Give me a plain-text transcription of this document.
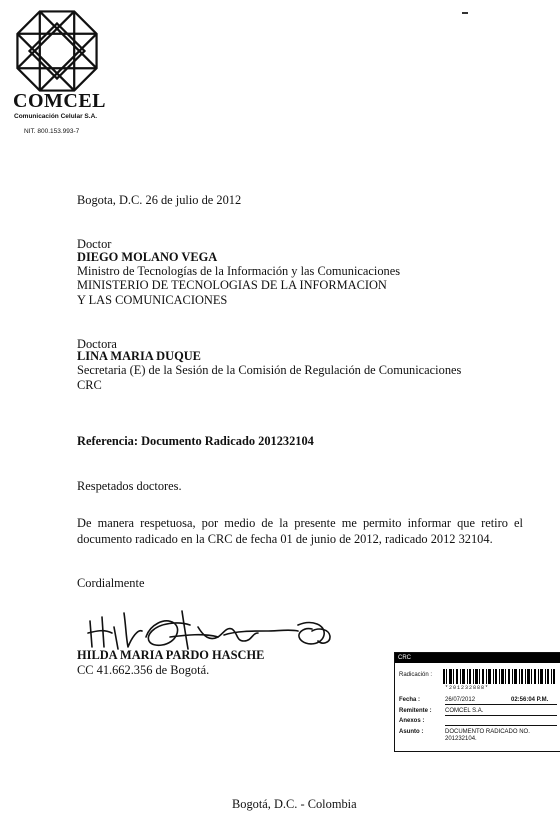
COMCEL
Comunicación Celular S.A.
NIT. 800.153.993-7
Bogota, D.C. 26 de julio de 2012
Doctor
DIEGO MOLANO VEGA
Ministro de Tecnologías de la Información y las Comunicaciones
MINISTERIO DE TECNOLOGIAS DE LA INFORMACION
Y LAS COMUNICACIONES
Doctora
LINA MARIA DUQUE
Secretaria (E) de la Sesión de la Comisión de Regulación de Comunicaciones
CRC
Referencia: Documento Radicado 201232104
Respetados doctores.
De manera respetuosa, por medio de la presente me permito informar que retiro el documento radicado en la CRC de fecha 01 de junio de 2012, radicado 2012 32104.
Cordialmente
HILDA MARIA PARDO HASCHE
CC 41.662.356 de Bogotá.
CRC
Radicación :
*201232888*
Fecha :	26/07/2012	02:56:04 P.M.
Remitente : COMCEL S.A.
Anexos :
Asunto :	DOCUMENTO RADICADO NO.
201232104.
Bogotá, D.C. - Colombia
